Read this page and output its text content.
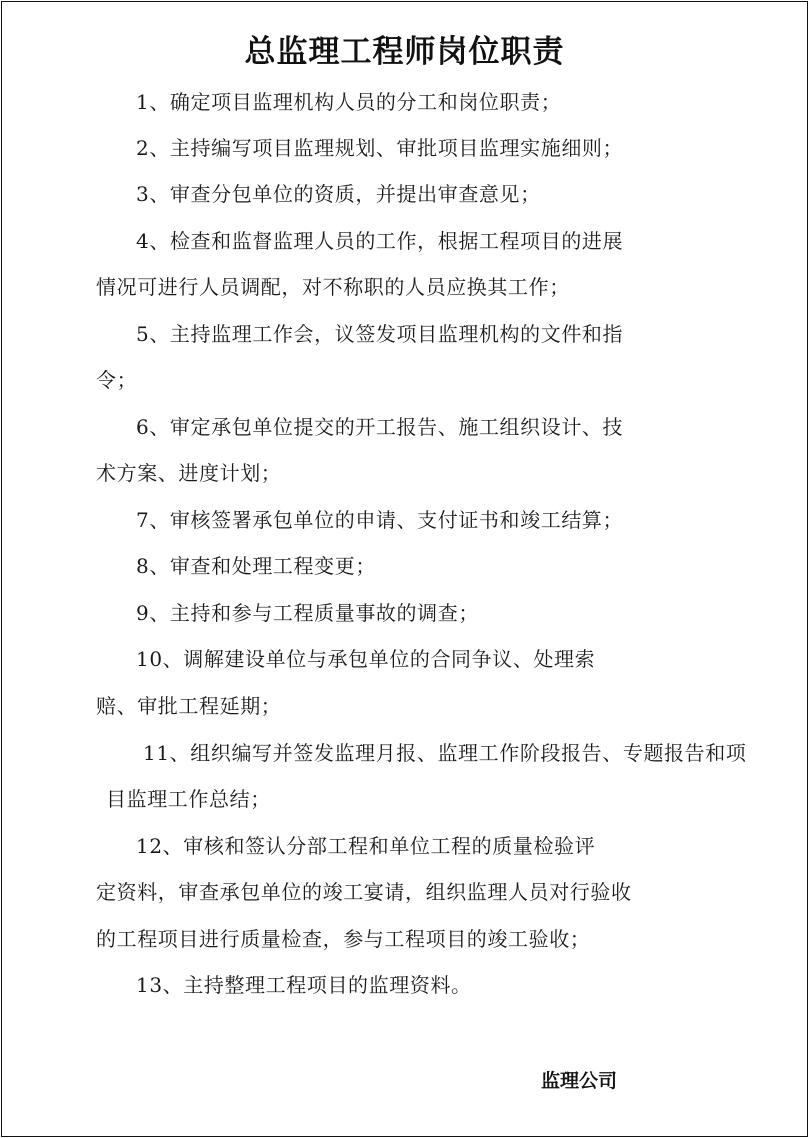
总监理工程师岗位职责
1、确定项目监理机构人员的分工和岗位职责；
2、主持编写项目监理规划、审批项目监理实施细则；
3、审查分包单位的资质，并提出审查意见；
4、检查和监督监理人员的工作，根据工程项目的进展
情况可进行人员调配，对不称职的人员应换其工作；
5、主持监理工作会，议签发项目监理机构的文件和指
令；
6、审定承包单位提交的开工报告、施工组织设计、技
术方案、进度计划；
7、审核签署承包单位的申请、支付证书和竣工结算；
8、审查和处理工程变更；
9、主持和参与工程质量事故的调查；
10、调解建设单位与承包单位的合同争议、处理索
赔、审批工程延期；
11、组织编写并签发监理月报、监理工作阶段报告、专题报告和项
目监理工作总结；
12、审核和签认分部工程和单位工程的质量检验评
定资料，审查承包单位的竣工宴请，组织监理人员对行验收
的工程项目进行质量检查，参与工程项目的竣工验收；
13、主持整理工程项目的监理资料。
监理公司
